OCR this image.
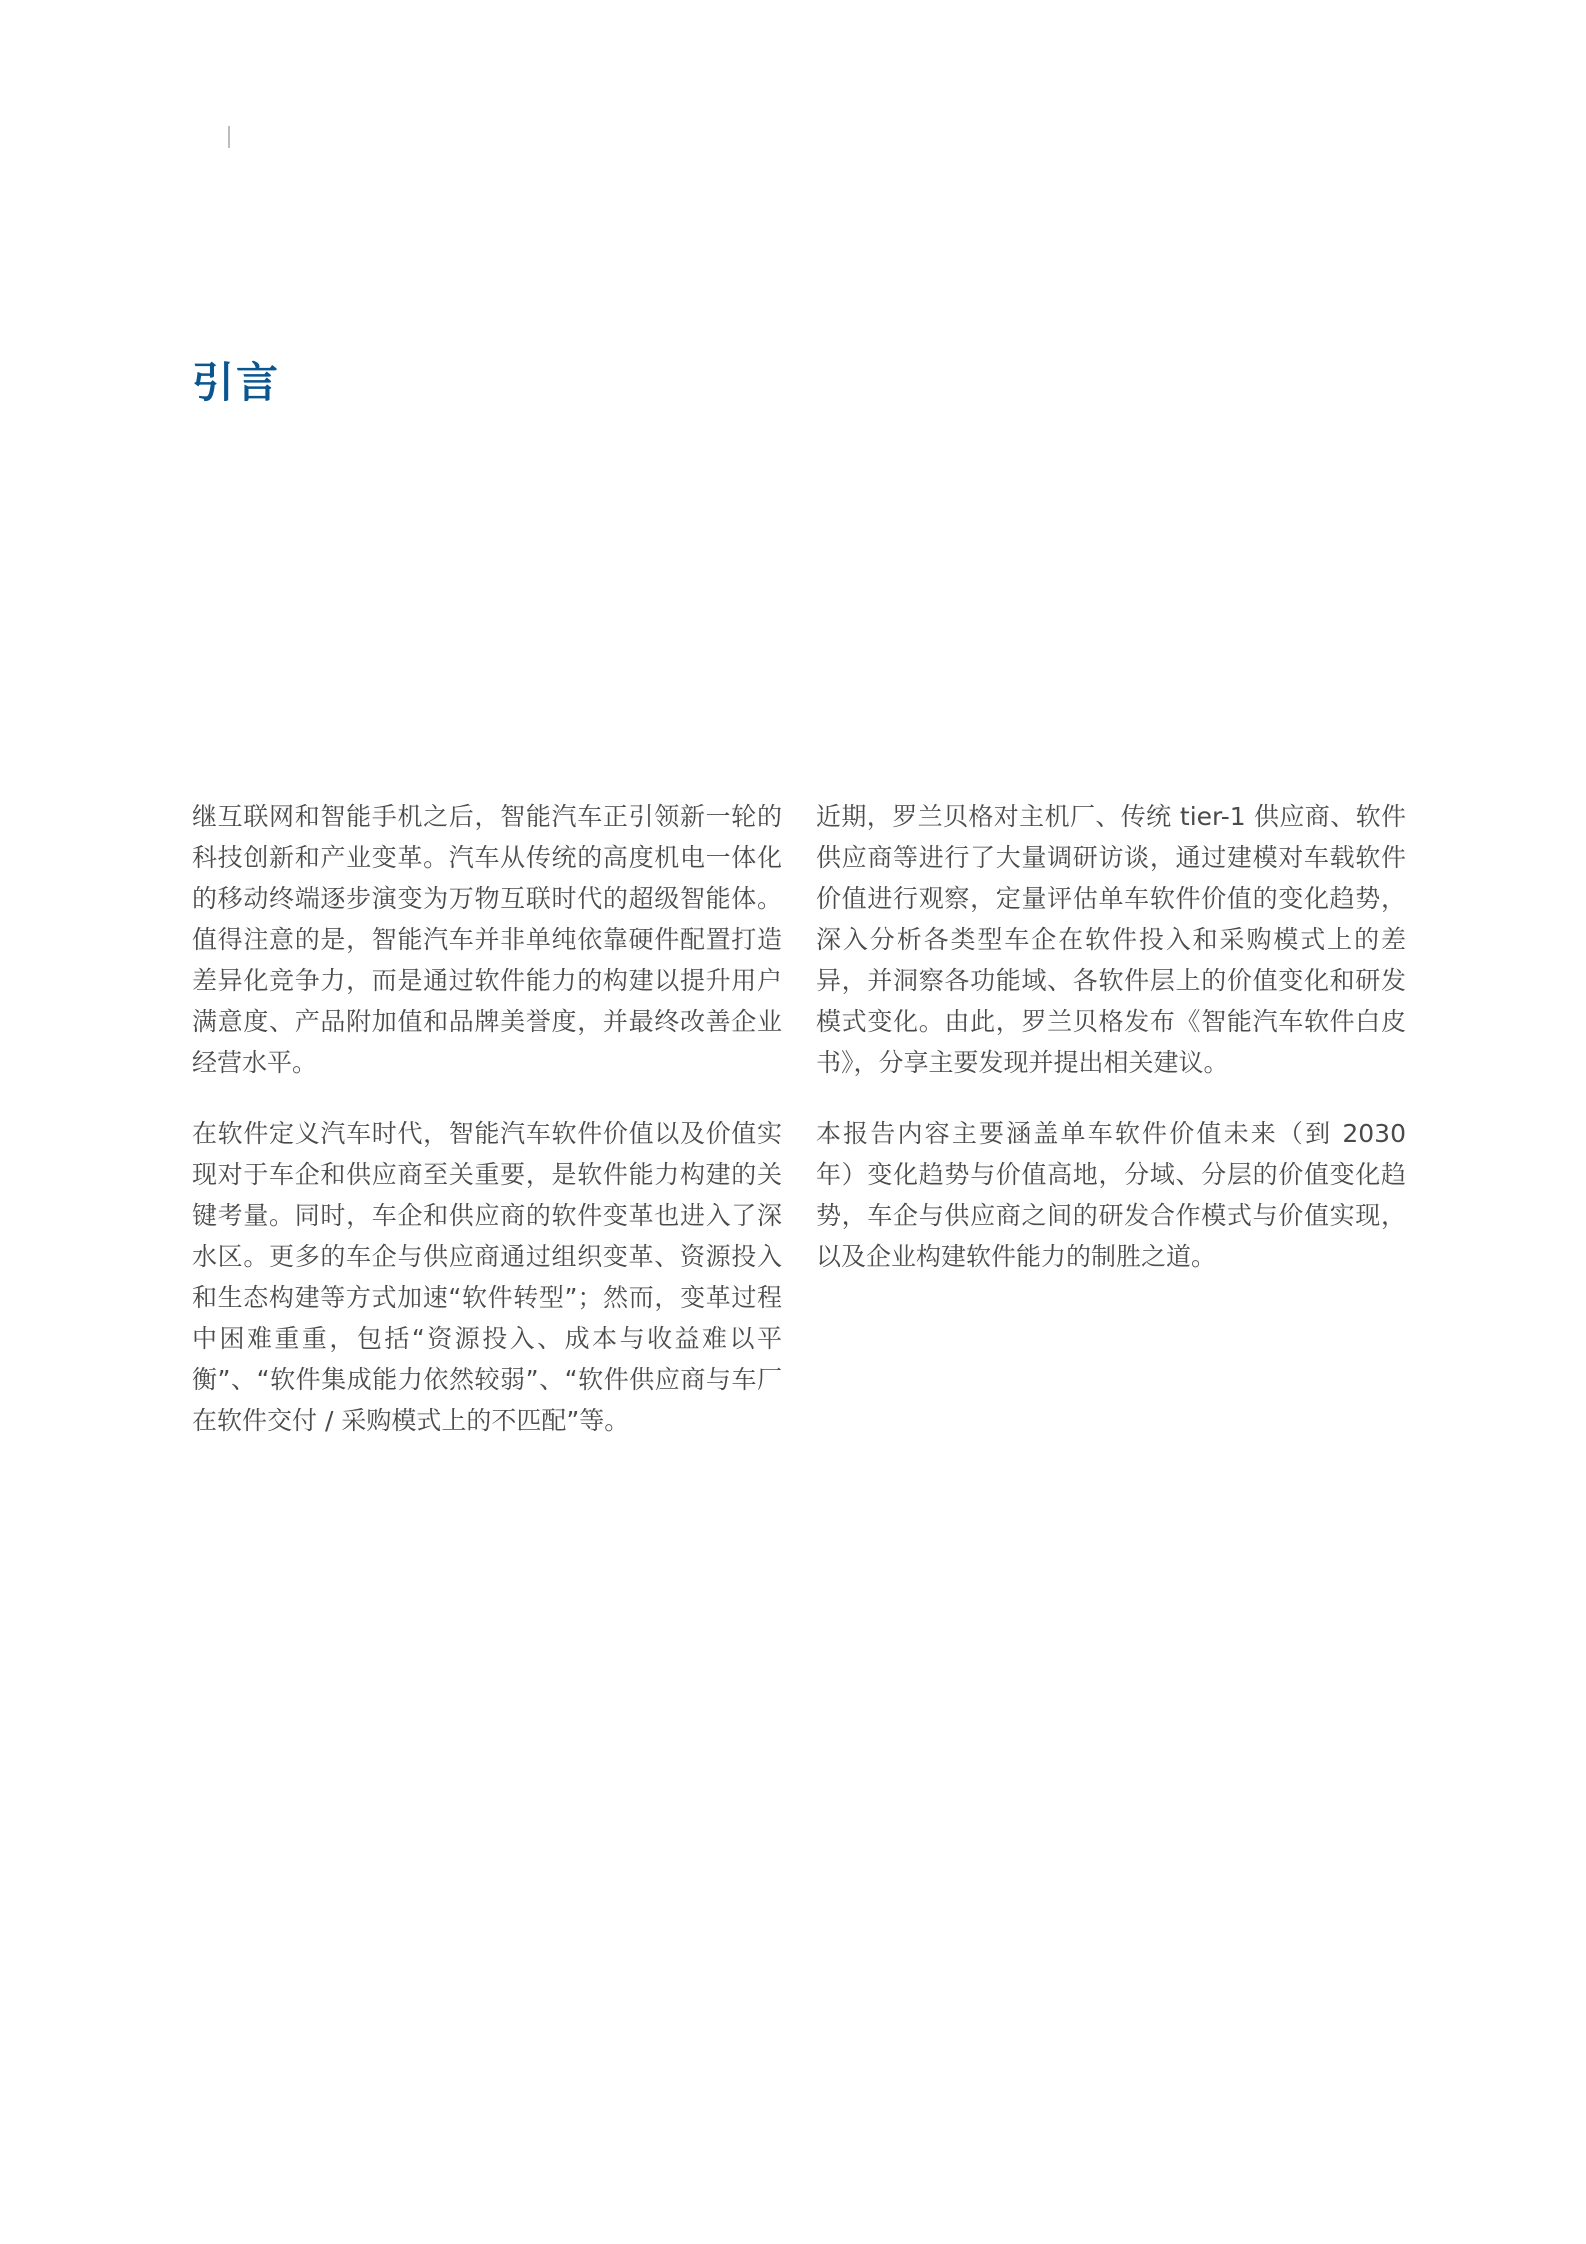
引言

继互联网和智能手机之后，智能汽车正引领新一轮的科技创新和产业变革。汽车从传统的高度机电一体化的移动终端逐步演变为万物互联时代的超级智能体。值得注意的是，智能汽车并非单纯依靠硬件配置打造差异化竞争力，而是通过软件能力的构建以提升用户满意度、产品附加值和品牌美誉度，并最终改善企业经营水平。

在软件定义汽车时代，智能汽车软件价值以及价值实现对于车企和供应商至关重要，是软件能力构建的关键考量。同时，车企和供应商的软件变革也进入了深水区。更多的车企与供应商通过组织变革、资源投入和生态构建等方式加速“软件转型”；然而，变革过程中困难重重，包括“资源投入、成本与收益难以平衡”、“软件集成能力依然较弱”、“软件供应商与车厂在软件交付 / 采购模式上的不匹配”等。

近期，罗兰贝格对主机厂、传统 tier-1 供应商、软件供应商等进行了大量调研访谈，通过建模对车载软件价值进行观察，定量评估单车软件价值的变化趋势，深入分析各类型车企在软件投入和采购模式上的差异，并洞察各功能域、各软件层上的价值变化和研发模式变化。由此，罗兰贝格发布《智能汽车软件白皮书》，分享主要发现并提出相关建议。

本报告内容主要涵盖单车软件价值未来（到 2030 年）变化趋势与价值高地，分域、分层的价值变化趋势，车企与供应商之间的研发合作模式与价值实现，以及企业构建软件能力的制胜之道。
